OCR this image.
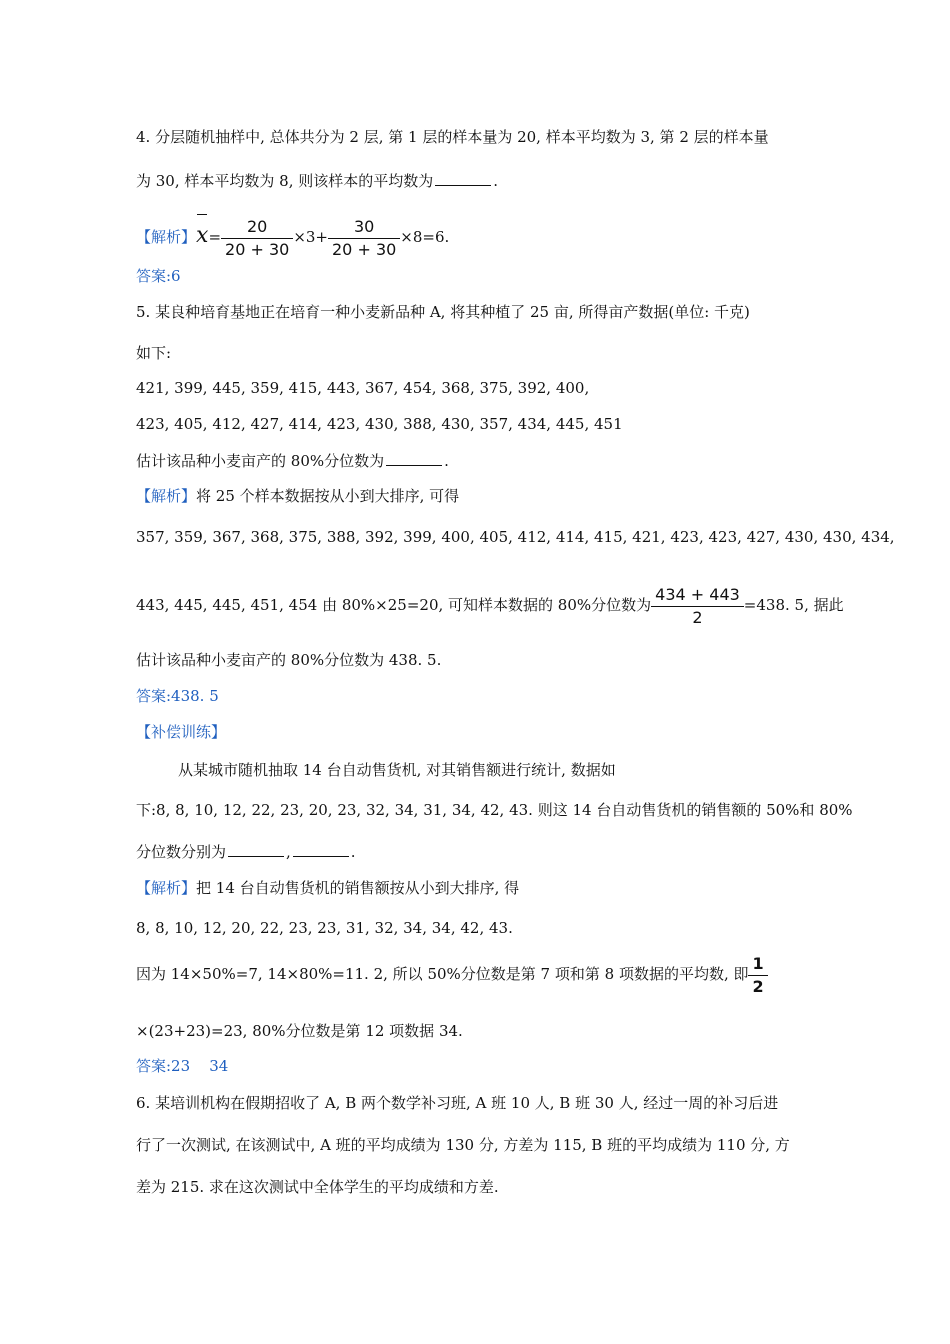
4. 分层随机抽样中, 总体共分为 2 层, 第 1 层的样本量为 20, 样本平均数为 3, 第 2 层的样本量
为 30, 样本平均数为 8, 则该样本的平均数为	.
【解析】$x= \frac{20}{20 + 30} \times 3+ \frac{30}{20 + 30} \times 8=6$.
答案:6
5. 某良种培育基地正在培育一种小麦新品种 A, 将其种植了 25 亩, 所得亩产数据(单位: 千克)
如下:
421, 399, 445, 359, 415, 443, 367, 454, 368, 375, 392, 400,
423, 405, 412, 427, 414, 423, 430, 388, 430, 357, 434, 445, 451
估计该品种小麦亩产的 80%分位数为	.
【解析】将 25 个样本数据按从小到大排序, 可得
357, 359, 367, 368, 375, 388, 392, 399, 400, 405, 412, 414, 415, 421, 423, 423, 427, 430, 430, 434,
443, 445, 445, 451, 454 由 80%×25=20, 可知样本数据的 80%分位数为 $\frac{434 + 443}{2} =438$. 5, 据此
估计该品种小麦亩产的 80%分位数为 438. 5.
答案:438. 5
【补偿训练】
从某城市随机抽取 14 台自动售货机, 对其销售额进行统计, 数据如
下:8, 8, 10, 12, 22, 23, 20, 23, 32, 34, 31, 34, 42, 43. 则这 14 台自动售货机的销售额的 50%和 80%
分位数分别为	,	.
【解析】把 14 台自动售货机的销售额按从小到大排序, 得
8, 8, 10, 12, 20, 22, 23, 23, 31, 32, 34, 34, 42, 43.
因为 14×50%=7, 14×80%=11. 2, 所以 50%分位数是第 7 项和第 8 项数据的平均数, 即 $\frac{1}{2}$
×(23+23)=23, 80%分位数是第 12 项数据 34.
答案:23    34
6. 某培训机构在假期招收了 A, B 两个数学补习班, A 班 10 人, B 班 30 人, 经过一周的补习后进
行了一次测试, 在该测试中, A 班的平均成绩为 130 分, 方差为 115, B 班的平均成绩为 110 分, 方
差为 215. 求在这次测试中全体学生的平均成绩和方差.
